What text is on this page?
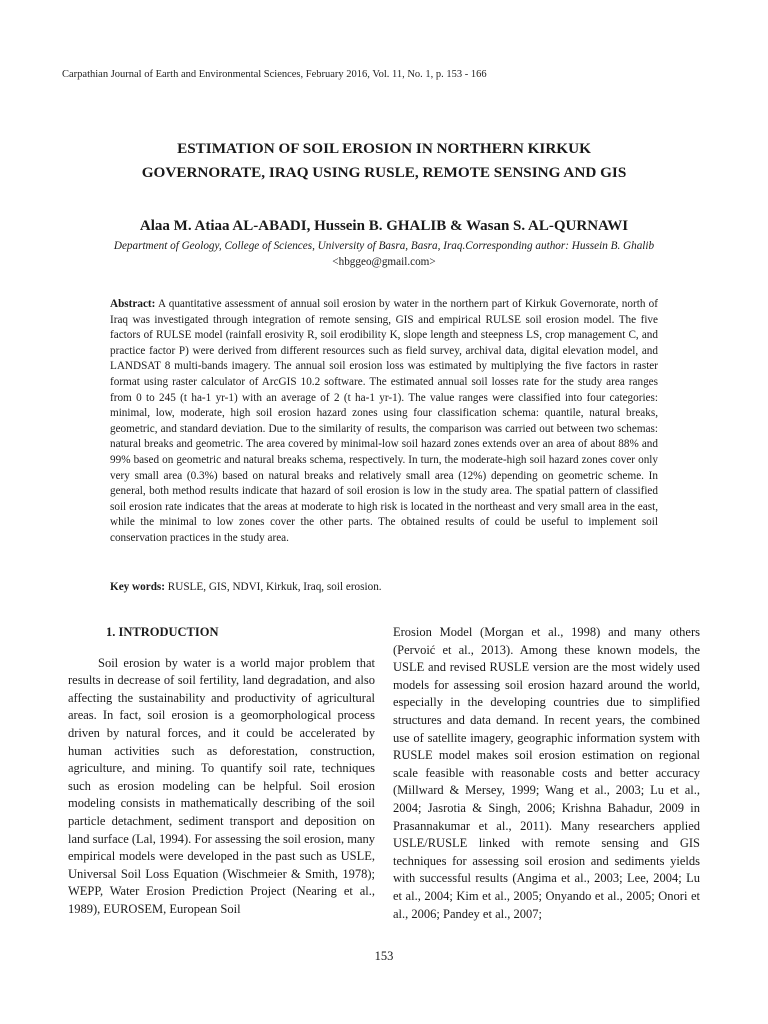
Carpathian Journal of Earth and Environmental Sciences, February 2016, Vol. 11, No. 1, p. 153 - 166
ESTIMATION OF SOIL EROSION IN NORTHERN KIRKUK
GOVERNORATE, IRAQ USING RUSLE, REMOTE SENSING AND GIS
Alaa M. Atiaa AL-ABADI, Hussein B. GHALIB & Wasan S. AL-QURNAWI
Department of Geology, College of Sciences, University of Basra, Basra, Iraq.Corresponding author: Hussein B. Ghalib <hbggeo@gmail.com>
Abstract: A quantitative assessment of annual soil erosion by water in the northern part of Kirkuk Governorate, north of Iraq was investigated through integration of remote sensing, GIS and empirical RULSE soil erosion model. The five factors of RULSE model (rainfall erosivity R, soil erodibility K, slope length and steepness LS, crop management C, and practice factor P) were derived from different resources such as field survey, archival data, digital elevation model, and LANDSAT 8 multi-bands imagery. The annual soil erosion loss was estimated by multiplying the five factors in raster format using raster calculator of ArcGIS 10.2 software. The estimated annual soil losses rate for the study area ranges from 0 to 245 (t ha-1 yr-1) with an average of 2 (t ha-1 yr-1). The value ranges were classified into four categories: minimal, low, moderate, high soil erosion hazard zones using four classification schema: quantile, natural breaks, geometric, and standard deviation. Due to the similarity of results, the comparison was carried out between two schemas: natural breaks and geometric. The area covered by minimal-low soil hazard zones extends over an area of about 88% and 99% based on geometric and natural breaks schema, respectively. In turn, the moderate-high soil hazard zones cover only very small area (0.3%) based on natural breaks and relatively small area (12%) depending on geometric scheme. In general, both method results indicate that hazard of soil erosion is low in the study area. The spatial pattern of classified soil erosion rate indicates that the areas at moderate to high risk is located in the northeast and very small area in the east, while the minimal to low zones cover the other parts. The obtained results of could be useful to implement soil conservation practices in the study area.
Key words: RUSLE, GIS, NDVI, Kirkuk, Iraq, soil erosion.

1. INTRODUCTION

Soil erosion by water is a world major problem that results in decrease of soil fertility, land degradation, and also affecting the sustainability and productivity of agricultural areas. In fact, soil erosion is a geomorphological process driven by natural forces, and it could be accelerated by human activities such as deforestation, construction, agriculture, and mining. To quantify soil rate, techniques such as erosion modeling can be helpful. Soil erosion modeling consists in mathematically describing of the soil particle detachment, sediment transport and deposition on land surface (Lal, 1994). For assessing the soil erosion, many empirical models were developed in the past such as USLE, Universal Soil Loss Equation (Wischmeier & Smith, 1978); WEPP, Water Erosion Prediction Project (Nearing et al., 1989), EUROSEM, European Soil

Erosion Model (Morgan et al., 1998) and many others (Pervoić et al., 2013). Among these known models, the USLE and revised RUSLE version are the most widely used models for assessing soil erosion hazard around the world, especially in the developing countries due to simplified structures and data demand. In recent years, the combined use of satellite imagery, geographic information system with RUSLE model makes soil erosion estimation on regional scale feasible with reasonable costs and better accuracy (Millward & Mersey, 1999; Wang et al., 2003; Lu et al., 2004; Jasrotia & Singh, 2006; Krishna Bahadur, 2009 in Prasannakumar et al., 2011). Many researchers applied USLE/RUSLE linked with remote sensing and GIS techniques for assessing soil erosion and sediments yields with successful results (Angima et al., 2003; Lee, 2004; Lu et al., 2004; Kim et al., 2005; Onyando et al., 2005; Onori et al., 2006; Pandey et al., 2007;

153
